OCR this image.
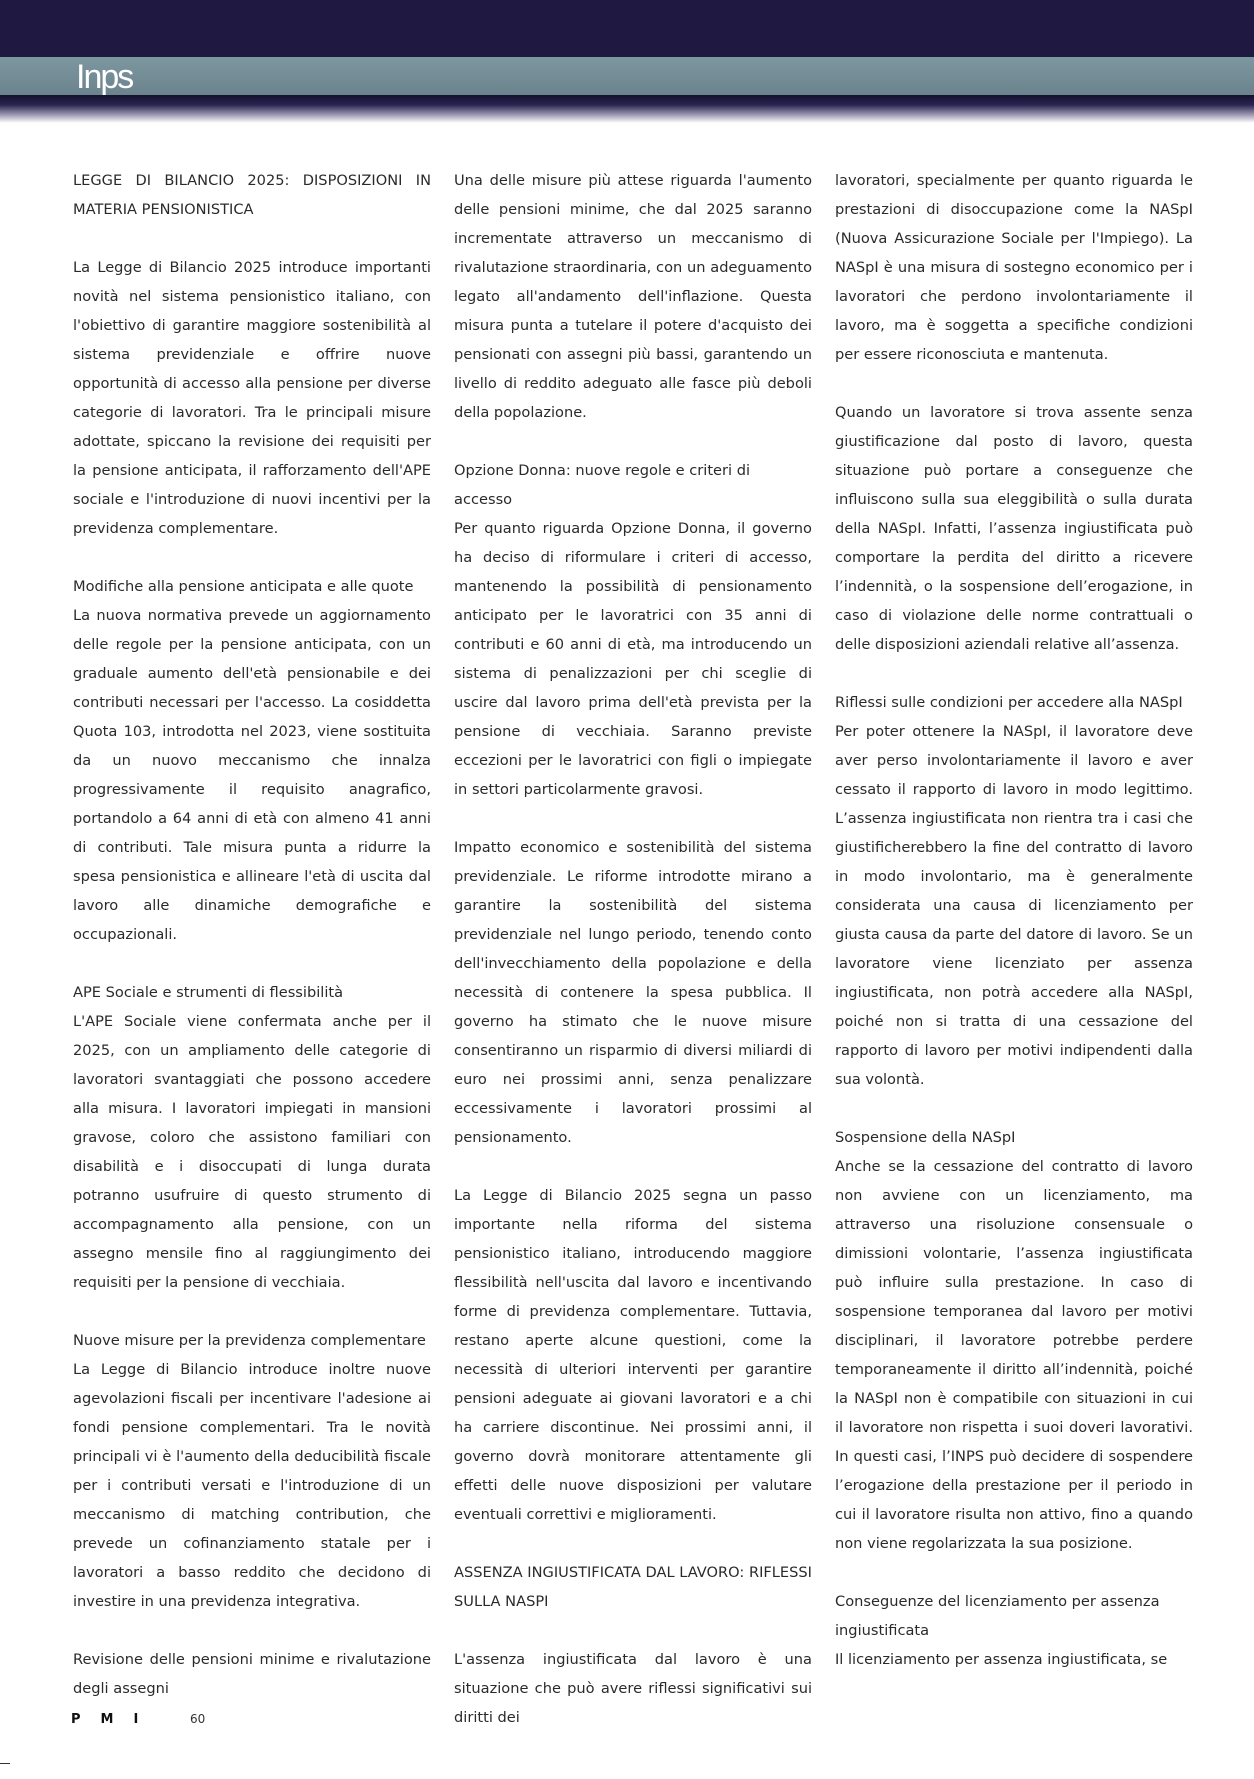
Inps

LEGGE DI BILANCIO 2025: DISPOSIZIONI IN MATERIA PENSIONISTICA

La Legge di Bilancio 2025 introduce importanti novità nel sistema pensionistico italiano, con l'obiettivo di garantire maggiore sostenibilità al sistema previdenziale e offrire nuove opportunità di accesso alla pensione per diverse categorie di lavoratori. Tra le principali misure adottate, spiccano la revisione dei requisiti per la pensione anticipata, il rafforzamento dell'APE sociale e l'introduzione di nuovi incentivi per la previdenza complementare.

Modifiche alla pensione anticipata e alle quote

La nuova normativa prevede un aggiornamento delle regole per la pensione anticipata, con un graduale aumento dell'età pensionabile e dei contributi necessari per l'accesso. La cosiddetta Quota 103, introdotta nel 2023, viene sostituita da un nuovo meccanismo che innalza progressivamente il requisito anagrafico, portandolo a 64 anni di età con almeno 41 anni di contributi. Tale misura punta a ridurre la spesa pensionistica e allineare l'età di uscita dal lavoro alle dinamiche demografiche e occupazionali.

APE Sociale e strumenti di flessibilità

L'APE Sociale viene confermata anche per il 2025, con un ampliamento delle categorie di lavoratori svantaggiati che possono accedere alla misura. I lavoratori impiegati in mansioni gravose, coloro che assistono familiari con disabilità e i disoccupati di lunga durata potranno usufruire di questo strumento di accompagnamento alla pensione, con un assegno mensile fino al raggiungimento dei requisiti per la pensione di vecchiaia.

Nuove misure per la previdenza complementare

La Legge di Bilancio introduce inoltre nuove agevolazioni fiscali per incentivare l'adesione ai fondi pensione complementari. Tra le novità principali vi è l'aumento della deducibilità fiscale per i contributi versati e l'introduzione di un meccanismo di matching contribution, che prevede un cofinanziamento statale per i lavoratori a basso reddito che decidono di investire in una previdenza integrativa.

Revisione delle pensioni minime e rivalutazione degli assegni

Una delle misure più attese riguarda l'aumento delle pensioni minime, che dal 2025 saranno incrementate attraverso un meccanismo di rivalutazione straordinaria, con un adeguamento legato all'andamento dell'inflazione. Questa misura punta a tutelare il potere d'acquisto dei pensionati con assegni più bassi, garantendo un livello di reddito adeguato alle fasce più deboli della popolazione.

Opzione Donna: nuove regole e criteri di accesso

Per quanto riguarda Opzione Donna, il governo ha deciso di riformulare i criteri di accesso, mantenendo la possibilità di pensionamento anticipato per le lavoratrici con 35 anni di contributi e 60 anni di età, ma introducendo un sistema di penalizzazioni per chi sceglie di uscire dal lavoro prima dell'età prevista per la pensione di vecchiaia. Saranno previste eccezioni per le lavoratrici con figli o impiegate in settori particolarmente gravosi.

Impatto economico e sostenibilità del sistema previdenziale. Le riforme introdotte mirano a garantire la sostenibilità del sistema previdenziale nel lungo periodo, tenendo conto dell'invecchiamento della popolazione e della necessità di contenere la spesa pubblica. Il governo ha stimato che le nuove misure consentiranno un risparmio di diversi miliardi di euro nei prossimi anni, senza penalizzare eccessivamente i lavoratori prossimi al pensionamento.

La Legge di Bilancio 2025 segna un passo importante nella riforma del sistema pensionistico italiano, introducendo maggiore flessibilità nell'uscita dal lavoro e incentivando forme di previdenza complementare. Tuttavia, restano aperte alcune questioni, come la necessità di ulteriori interventi per garantire pensioni adeguate ai giovani lavoratori e a chi ha carriere discontinue. Nei prossimi anni, il governo dovrà monitorare attentamente gli effetti delle nuove disposizioni per valutare eventuali correttivi e miglioramenti.

ASSENZA INGIUSTIFICATA DAL LAVORO: RIFLESSI SULLA NASPI

L'assenza ingiustificata dal lavoro è una situazione che può avere riflessi significativi sui diritti dei

lavoratori, specialmente per quanto riguarda le prestazioni di disoccupazione come la NASpI (Nuova Assicurazione Sociale per l'Impiego). La NASpI è una misura di sostegno economico per i lavoratori che perdono involontariamente il lavoro, ma è soggetta a specifiche condizioni per essere riconosciuta e mantenuta.

Quando un lavoratore si trova assente senza giustificazione dal posto di lavoro, questa situazione può portare a conseguenze che influiscono sulla sua eleggibilità o sulla durata della NASpI. Infatti, l’assenza ingiustificata può comportare la perdita del diritto a ricevere l’indennità, o la sospensione dell’erogazione, in caso di violazione delle norme contrattuali o delle disposizioni aziendali relative all’assenza.

Riflessi sulle condizioni per accedere alla NASpI

Per poter ottenere la NASpI, il lavoratore deve aver perso involontariamente il lavoro e aver cessato il rapporto di lavoro in modo legittimo. L’assenza ingiustificata non rientra tra i casi che giustificherebbero la fine del contratto di lavoro in modo involontario, ma è generalmente considerata una causa di licenziamento per giusta causa da parte del datore di lavoro. Se un lavoratore viene licenziato per assenza ingiustificata, non potrà accedere alla NASpI, poiché non si tratta di una cessazione del rapporto di lavoro per motivi indipendenti dalla sua volontà.

Sospensione della NASpI

Anche se la cessazione del contratto di lavoro non avviene con un licenziamento, ma attraverso una risoluzione consensuale o dimissioni volontarie, l’assenza ingiustificata può influire sulla prestazione. In caso di sospensione temporanea dal lavoro per motivi disciplinari, il lavoratore potrebbe perdere temporaneamente il diritto all’indennità, poiché la NASpI non è compatibile con situazioni in cui il lavoratore non rispetta i suoi doveri lavorativi. In questi casi, l’INPS può decidere di sospendere l’erogazione della prestazione per il periodo in cui il lavoratore risulta non attivo, fino a quando non viene regolarizzata la sua posizione.

Conseguenze del licenziamento per assenza ingiustificata

Il licenziamento per assenza ingiustificata, se

PMI	60
